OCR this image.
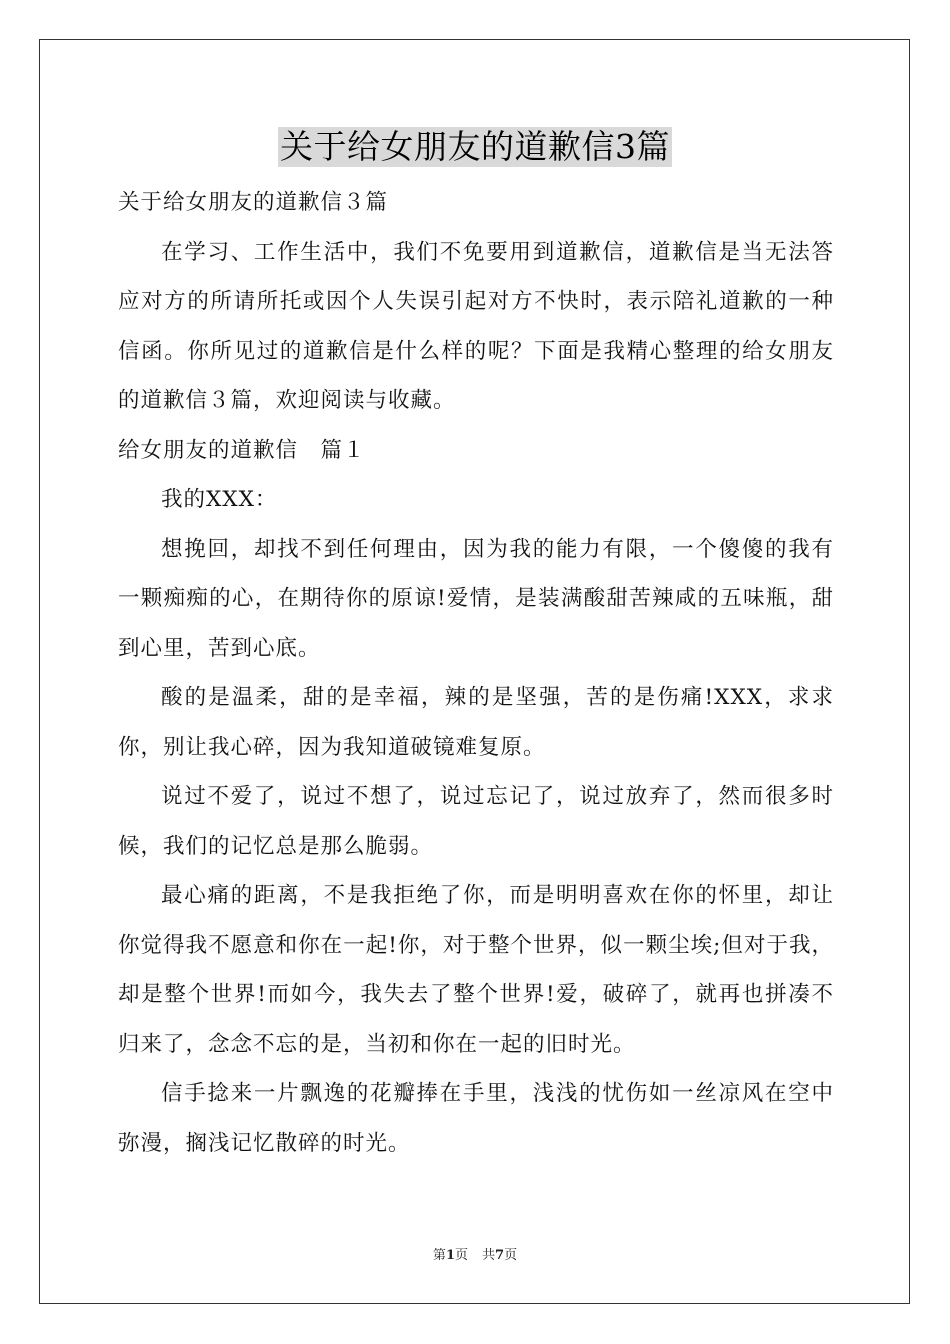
关于给女朋友的道歉信3篇

关于给女朋友的道歉信３篇

在学习、工作生活中，我们不免要用到道歉信，道歉信是当无法答应对方的所请所托或因个人失误引起对方不快时，表示陪礼道歉的一种信函。你所见过的道歉信是什么样的呢？下面是我精心整理的给女朋友的道歉信３篇，欢迎阅读与收藏。

给女朋友的道歉信　篇１

我的XXX：

想挽回，却找不到任何理由，因为我的能力有限，一个傻傻的我有一颗痴痴的心，在期待你的原谅!爱情，是装满酸甜苦辣咸的五味瓶，甜到心里，苦到心底。

酸的是温柔，甜的是幸福，辣的是坚强，苦的是伤痛!XXX，求求你，别让我心碎，因为我知道破镜难复原。

说过不爱了，说过不想了，说过忘记了，说过放弃了，然而很多时候，我们的记忆总是那么脆弱。

最心痛的距离，不是我拒绝了你，而是明明喜欢在你的怀里，却让你觉得我不愿意和你在一起!你，对于整个世界，似一颗尘埃;但对于我，却是整个世界!而如今，我失去了整个世界!爱，破碎了，就再也拼凑不归来了，念念不忘的是，当初和你在一起的旧时光。

信手捻来一片飘逸的花瓣捧在手里，浅浅的忧伤如一丝凉风在空中弥漫，搁浅记忆散碎的时光。

第1页 共7页
